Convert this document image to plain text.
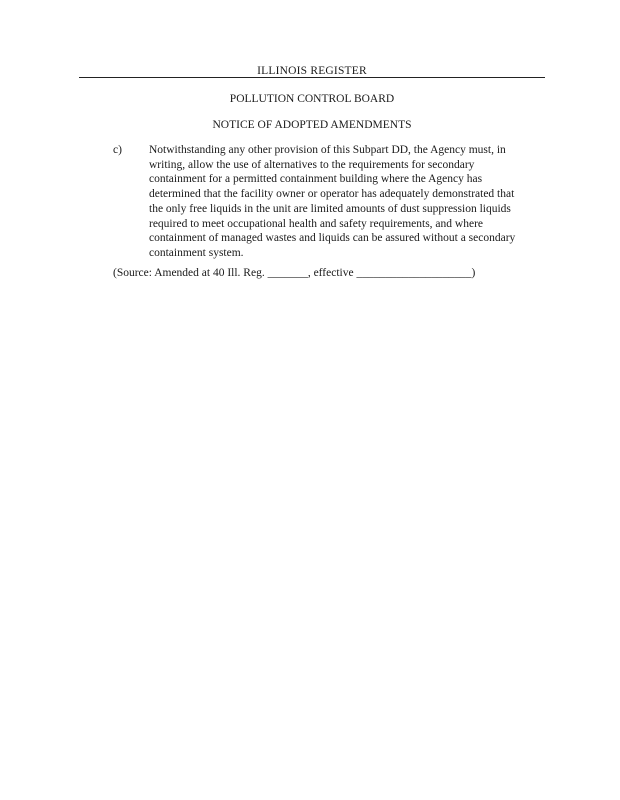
ILLINOIS REGISTER
POLLUTION CONTROL BOARD
NOTICE OF ADOPTED AMENDMENTS
c) Notwithstanding any other provision of this Subpart DD, the Agency must, in
writing, allow the use of alternatives to the requirements for secondary
containment for a permitted containment building where the Agency has
determined that the facility owner or operator has adequately demonstrated that
the only free liquids in the unit are limited amounts of dust suppression liquids
required to meet occupational health and safety requirements, and where
containment of managed wastes and liquids can be assured without a secondary
containment system.
(Source: Amended at 40 Ill. Reg. _______, effective ____________________)
